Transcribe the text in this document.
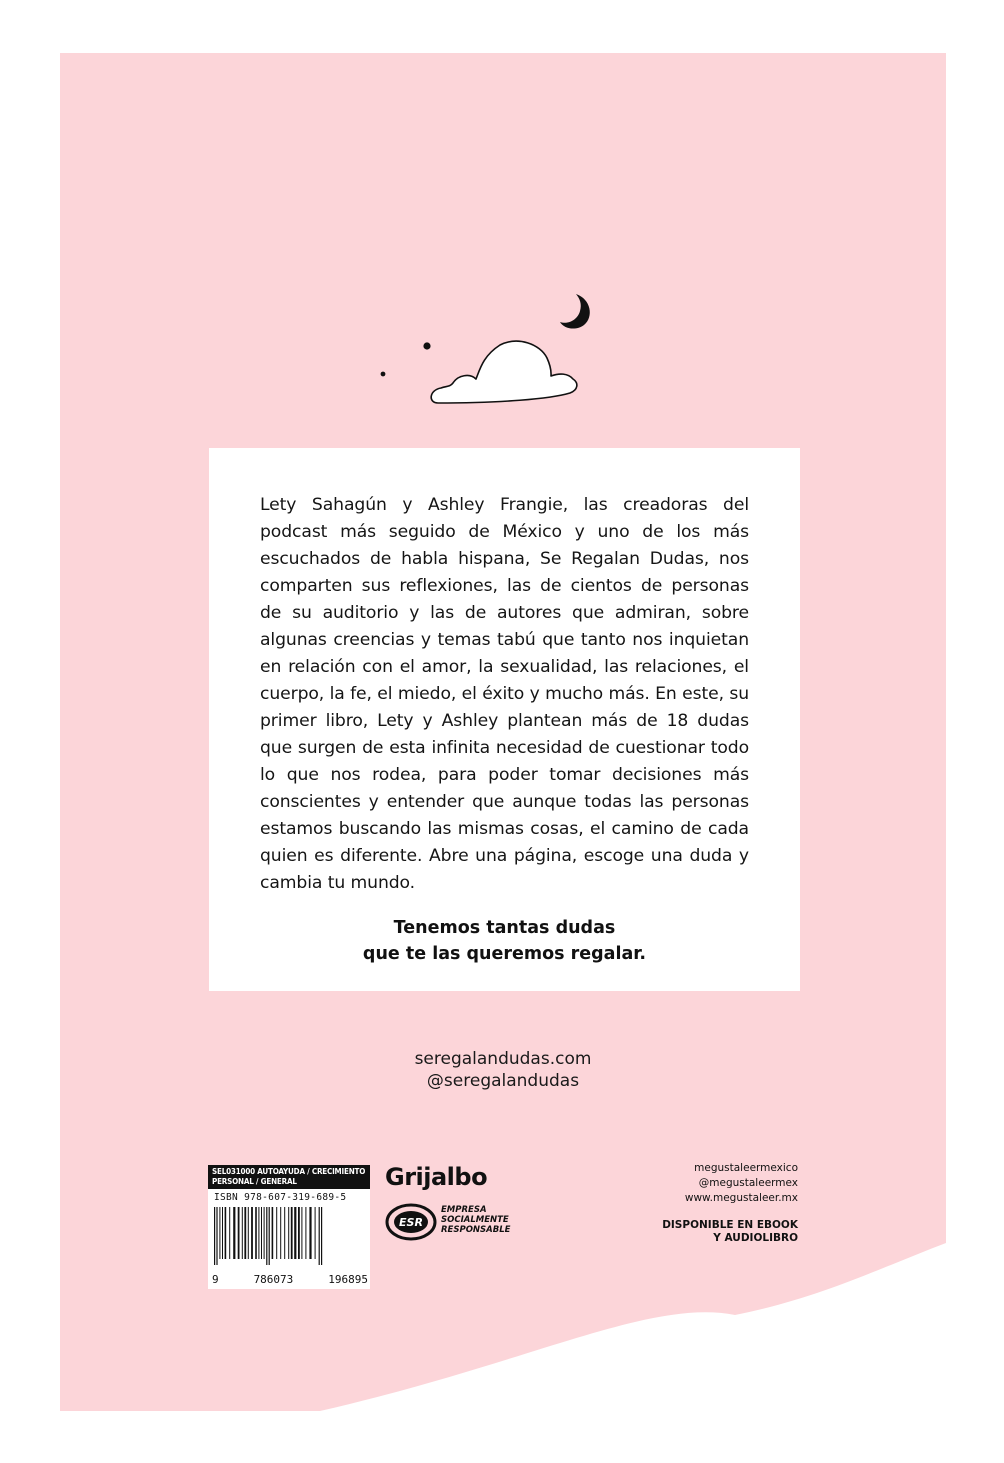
Lety Sahagún y Ashley Frangie, las creadoras del podcast más seguido de México y uno de los más escuchados de habla hispana, Se Regalan Dudas, nos comparten sus reflexiones, las de cientos de personas de su auditorio y las de autores que admiran, sobre algunas creencias y temas tabú que tanto nos inquietan en relación con el amor, la sexualidad, las relaciones, el cuerpo, la fe, el miedo, el éxito y mucho más. En este, su primer libro, Lety y Ashley plantean más de 18 dudas que surgen de esta infinita necesidad de cuestionar todo lo que nos rodea, para poder tomar decisiones más conscientes y entender que aunque todas las personas estamos buscando las mismas cosas, el camino de cada quien es diferente. Abre una página, escoge una duda y cambia tu mundo.

Tenemos tantas dudas
que te las queremos regalar.
seregalandudas.com
@seregalandudas
SEL031000 AUTOAYUDA / CRECIMIENTO PERSONAL / GENERAL
ISBN 978-607-319-689-5
9	786073	196895
Grijalbo
ESR
EMPRESA
SOCIALMENTE
RESPONSABLE
megustaleermexico
@megustaleermex
www.megustaleer.mx
DISPONIBLE EN EBOOK
Y AUDIOLIBRO
